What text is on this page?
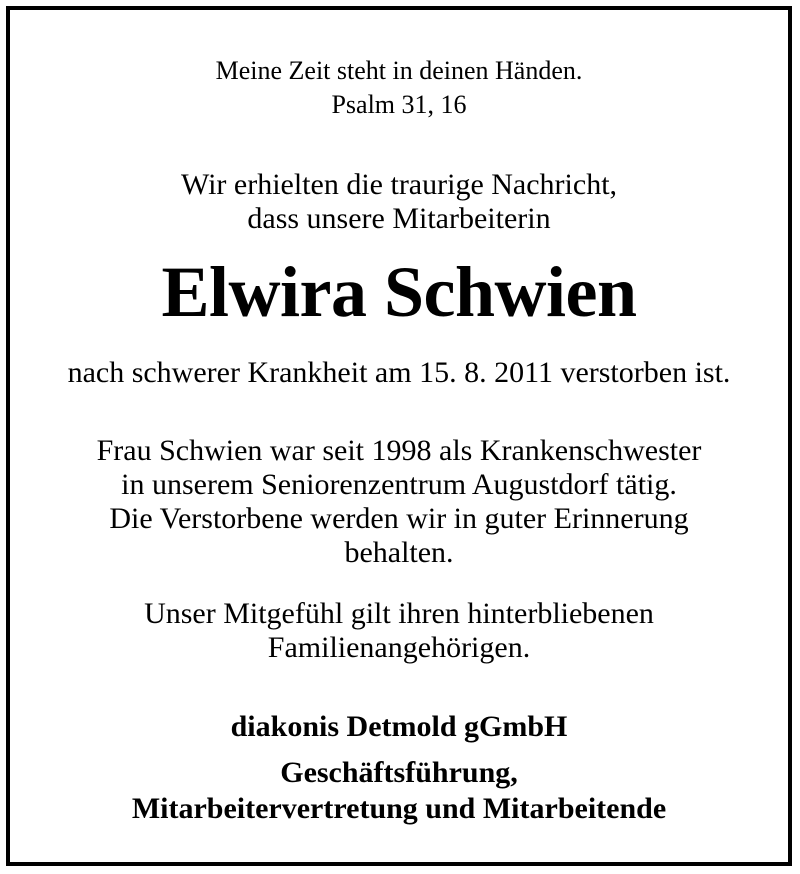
Meine Zeit steht in deinen Händen.
Psalm 31, 16
Wir erhielten die traurige Nachricht,
dass unsere Mitarbeiterin
Elwira Schwien
nach schwerer Krankheit am 15. 8. 2011 verstorben ist.
Frau Schwien war seit 1998 als Krankenschwester
in unserem Seniorenzentrum Augustdorf tätig.
Die Verstorbene werden wir in guter Erinnerung
behalten.
Unser Mitgefühl gilt ihren hinterbliebenen
Familienangehörigen.
diakonis Detmold gGmbH
Geschäftsführung,
Mitarbeitervertretung und Mitarbeitende
